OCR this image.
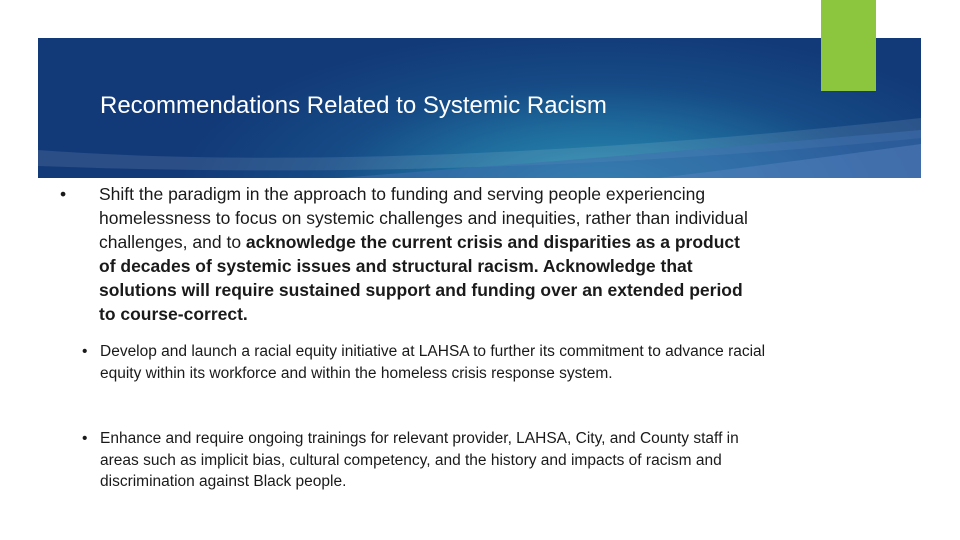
Recommendations Related to Systemic Racism
• Shift the paradigm in the approach to funding and serving people experiencing homelessness to focus on systemic challenges and inequities, rather than individual challenges, and to acknowledge the current crisis and disparities as a product of decades of systemic issues and structural racism. Acknowledge that solutions will require sustained support and funding over an extended period to course-correct.
• Develop and launch a racial equity initiative at LAHSA to further its commitment to advance racial equity within its workforce and within the homeless crisis response system.
• Enhance and require ongoing trainings for relevant provider, LAHSA, City, and County staff in areas such as implicit bias, cultural competency, and the history and impacts of racism and discrimination against Black people.
